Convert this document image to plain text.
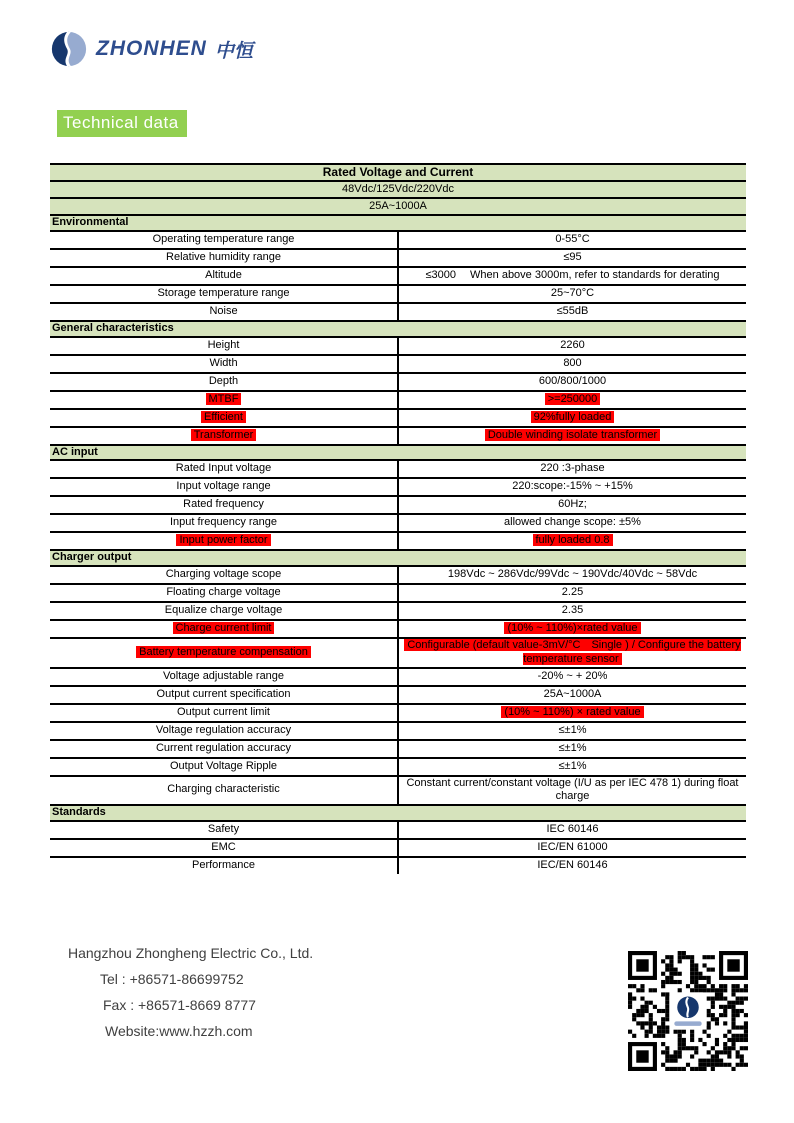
ZHONHEN 中恒
Technical data
Rated Voltage and Current	
48Vdc/125Vdc/220Vdc	
25A~1000A	
Environmental	
Operating temperature range	0-55°C
Relative humidity range	≤95
Altitude	≤3000　 When above 3000m, refer to standards for derating
Storage temperature range	25~70°C
Noise	≤55dB
General characteristics	
Height	2260
Width	800
Depth	600/800/1000
MTBF	>=250000
Efficient	92%fully loaded
Transformer	Double winding isolate transformer
AC input	
Rated Input voltage	220 :3-phase
Input voltage range	220:scope:-15% ~ +15%
Rated frequency	60Hz;
Input frequency range	allowed change scope: ±5%
Input power factor	fully loaded 0.8
Charger output	
Charging voltage scope	198Vdc ~ 286Vdc/99Vdc ~ 190Vdc/40Vdc ~ 58Vdc
Floating charge voltage	2.25
Equalize charge voltage	2.35
Charge current limit	(10% ~ 110%)×rated value
Battery temperature compensation	Configurable (default value-3mV/°C　Single ) / Configure the battery temperature sensor
Voltage adjustable range	-20% ~ + 20%
Output current specification	25A~1000A
Output current limit	(10% ~ 110%) × rated value
Voltage regulation accuracy	≤±1%
Current regulation accuracy	≤±1%
Output Voltage Ripple	≤±1%
Charging characteristic	Constant current/constant voltage (I/U as per IEC 478 1) during float charge
Standards	
Safety	IEC 60146
EMC	IEC/EN 61000
Performance	IEC/EN 60146
Hangzhou Zhongheng Electric Co., Ltd.
Tel : +86571-86699752
Fax : +86571-8669 8777
Website:www.hzzh.com
